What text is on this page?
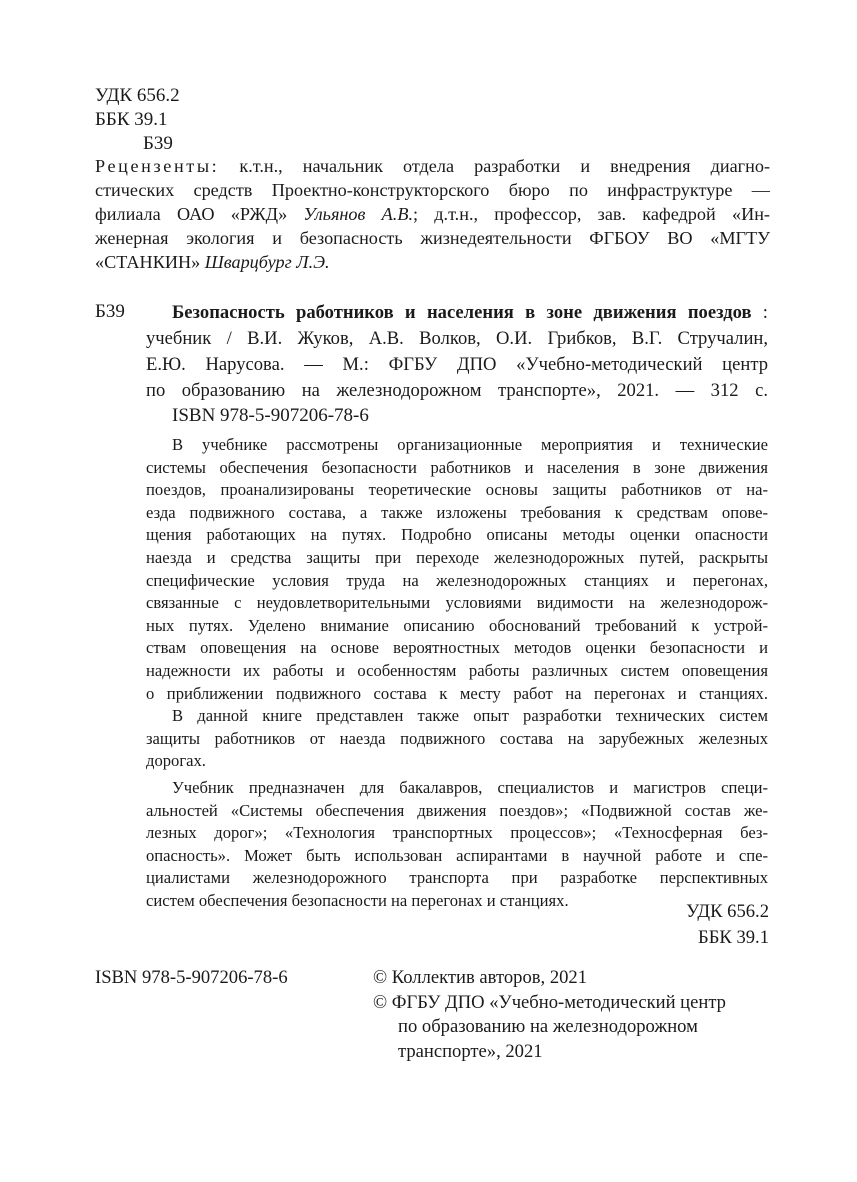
УДК 656.2
ББК 39.1
Б39
Рецензенты: к.т.н., начальник отдела разработки и внедрения диагно-
стических средств Проектно-конструкторского бюро по инфраструктуре —
филиала ОАО «РЖД» Ульянов А.В.; д.т.н., профессор, зав. кафедрой «Ин-
женерная экология и безопасность жизнедеятельности ФГБОУ ВО «МГТУ
«СТАНКИН» Шварцбург Л.Э.
Б39	Безопасность работников и населения в зоне движения поездов :
учебник / В.И. Жуков, А.В. Волков, О.И. Грибков, В.Г. Стручалин,
Е.Ю. Нарусова. — М.: ФГБУ ДПО «Учебно-методический центр
по образованию на железнодорожном транспорте», 2021. — 312 с.
ISBN 978-5-907206-78-6
В учебнике рассмотрены организационные мероприятия и технические
системы обеспечения безопасности работников и населения в зоне движения
поездов, проанализированы теоретические основы защиты работников от на-
езда подвижного состава, а также изложены требования к средствам опове-
щения работающих на путях. Подробно описаны методы оценки опасности
наезда и средства защиты при переходе железнодорожных путей, раскрыты
специфические условия труда на железнодорожных станциях и перегонах,
связанные с неудовлетворительными условиями видимости на железнодорож-
ных путях. Уделено внимание описанию обоснований требований к устрой-
ствам оповещения на основе вероятностных методов оценки безопасности и
надежности их работы и особенностям работы различных систем оповещения
о приближении подвижного состава к месту работ на перегонах и станциях.
В данной книге представлен также опыт разработки технических систем
защиты работников от наезда подвижного состава на зарубежных железных
дорогах.
Учебник предназначен для бакалавров, специалистов и магистров специ-
альностей «Системы обеспечения движения поездов»; «Подвижной состав же-
лезных дорог»; «Технология транспортных процессов»; «Техносферная без-
опасность». Может быть использован аспирантами в научной работе и спе-
циалистами железнодорожного транспорта при разработке перспективных
систем обеспечения безопасности на перегонах и станциях.
УДК 656.2
ББК 39.1
ISBN 978-5-907206-78-6	© Коллектив авторов, 2021
© ФГБУ ДПО «Учебно-методический центр
по образованию на железнодорожном
транспорте», 2021
